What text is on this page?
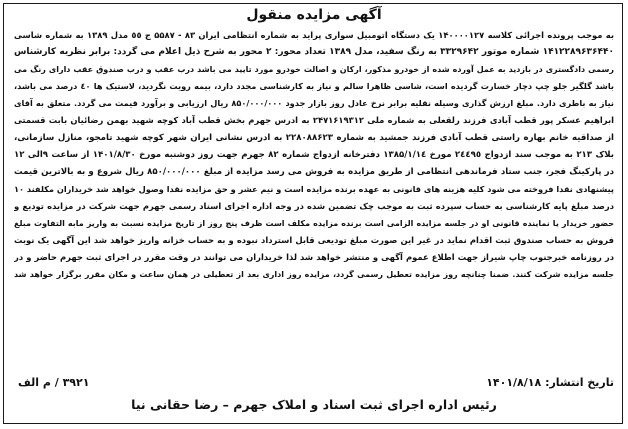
آگهی مزایده منقول
به موجب پرونده اجرائی کلاسه ۱۴۰۰۰۰۱۲۷ یک دستگاه اتومبیل سواری پراید به شماره انتظامی ایران ۸۳ - ۵۵۸۷ ج ٥٥ مدل ۱۳۸۹ به شماره شاسی
۱۴۱۲۲۸۹۶۳۶۴۴۰ شماره موتور ۳۳۲۹۶۴۲ به رنگ سفید، مدل ۱۳۸۹ تعداد محور: ۲ محور به شرح ذیل اعلام می گردد: برابر نظریه کارشناس
رسمی دادگستری در بازدید به عمل آورده شده از خودرو مذکور، ارکان و اصالت خودرو مورد تایید می باشد درب عقب و درب صندوق عقب دارای رنگ می
باشد گلگیر جلو چپ دچار خسارت گردیده است، شاسی ظاهرا سالم و نیاز به کارشناسی مجدد دارد، بیمه رویت نگردید، لاستیک ها ٤٠ درصد می باشد،
نیاز به باطری دارد. مبلغ ارزش گذاری وسیله نقلیه برابر نرخ عادل روز بازار جدود ۸۵۰/۰۰۰/۰۰۰ ریال ارزیابی و برآورد قیمت می گردد. متعلق به آقای
ابراهیم عسکر پور قطب آبادی فرزند رلقعلی به شماره ملی ۲۴۷۱۶۱۹۳۱۲ به ادرس جهرم بخش قطب آباد کوچه شهید بهمن رضائیان بابت قسمتی
از صداقیه خانم بهاره راستی قطب آبادی فرزند جمشید به شماره ۲۲۸۰۸۸۶۲۳ به ادرس نشانی ایران شهر کوچه شهید تامجو، منازل سازمانی،
بلاک ۲۱۳ به موجب سند ازدواج ٢٤٤٩٥ مورخ ۱۳۸۵/۱/۱٤ دفترخانه ازدواج شماره ۸۲ جهرم جهت روز دوشنبه مورخ ۱۴۰۱/۸/۳۰ از ساعت ۹الی ۱۲
در پارکینگ فجر، جنب ستاد فرماندهی انتظامی از طریق مزایده به فروش می رسد مزایده از مبلغ ۸۵۰/۰۰۰/۰۰۰ ریال شروع و به بالاترین قیمت
پیشنهادی نقدا فروخته می شود کلیه هزینه های قانونی به عهده برنده مزایده است و نیم عشر و حق مزایده نقدا وصول خواهد شد خریداران مکلفند ۱۰
درصد مبلغ پایه کارشناسی به حساب سپرده ثبت به موجب چک تضمین شده در وجه اداره اجرای اسناد رسمی جهرم جهت شرکت در مزایده تودیع و
حضور خریدار یا نماینده قانونی او در جلسه مزایده الزامی است برنده مزایده مکلف است ظرف پنج روز از تاریخ مزایده نسبت به واریز مابه التفاوت مبلغ
فروش به حساب صندوق ثبت اقدام نماید در غیر این صورت مبلغ تودیعی قابل استرداد نبوده و به حساب خزانه واریز خواهد شد این آگهی یک نوبت
در روزنامه خبرجنوب چاپ شیراز جهت اطلاع عموم آگهی و منتشر خواهد شد لذا خریداران می توانند در وقت مقرر در اجرای ثبت جهرم حاضر و در
جلسه مزایده شرکت کنند. ضمنا چنانچه روز مزایده تعطیل رسمی گردد، مزایده روز اداری بعد از تعطیلی در همان ساعت و مکان مقرر برگزار خواهد شد
تاریخ انتشار: ۱۴۰۱/۸/۱۸
۳۹۲۱ / م الف
رئیس اداره اجرای ثبت اسناد و املاک جهرم – رضا حقانی نیا
